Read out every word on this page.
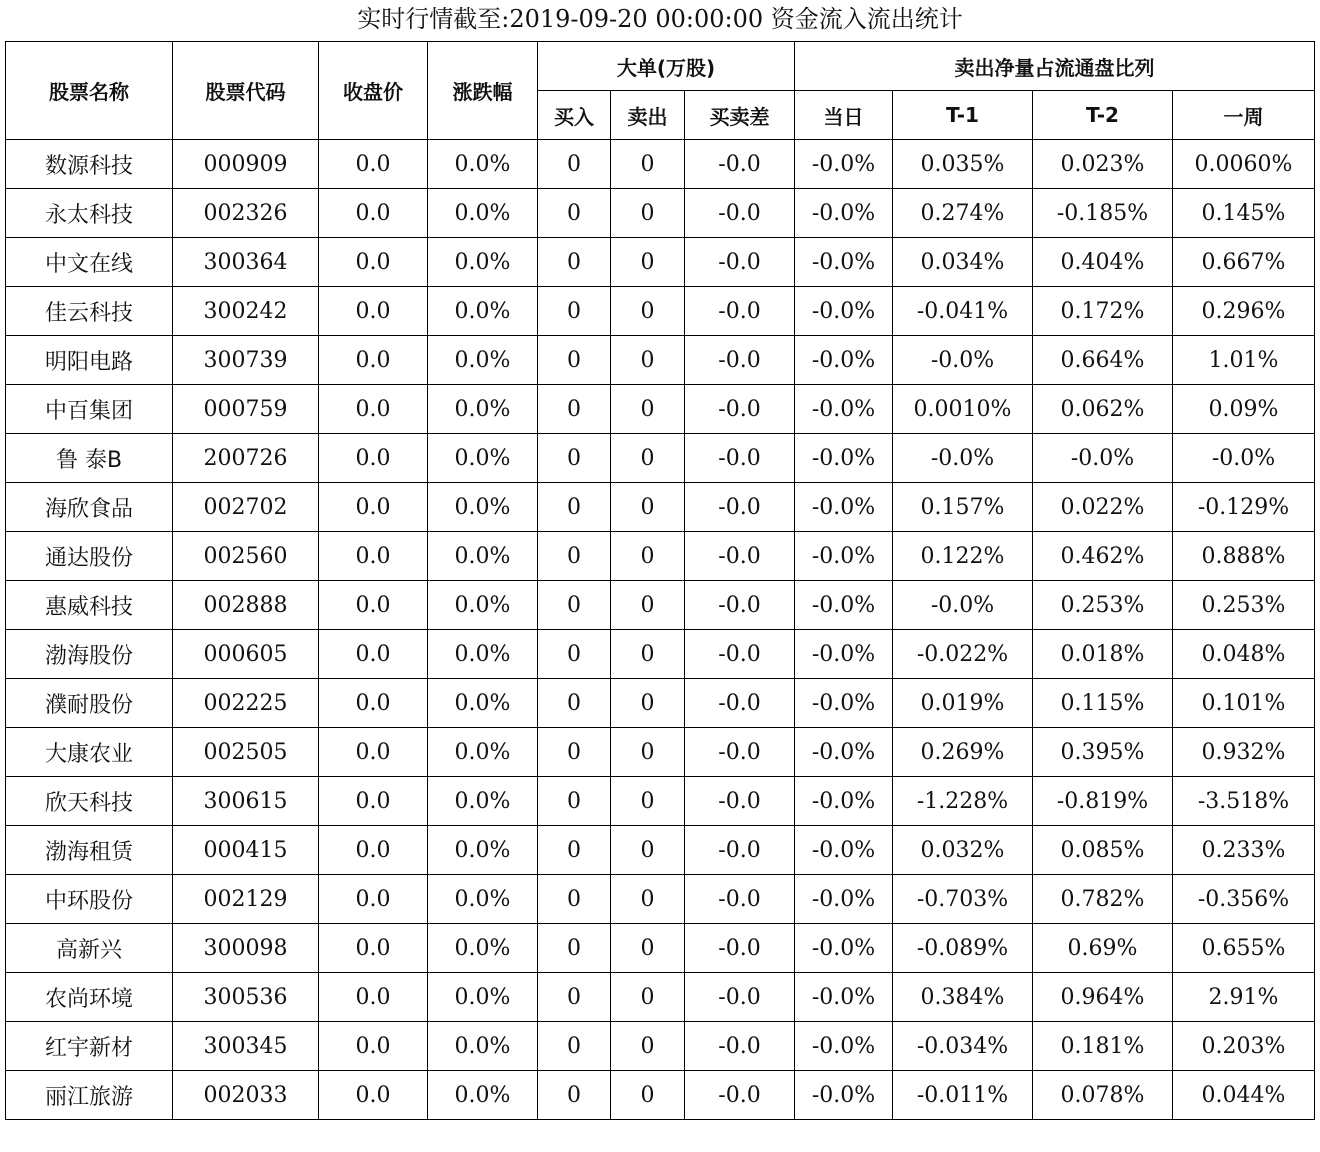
实时行情截至:2019-09-20 00:00:00 资金流入流出统计
股票名称	股票代码	收盘价	涨跌幅	大单(万股)			卖出净量占流通盘比列			
				买入	卖出	买卖差	当日	T-1	T-2	一周
数源科技	000909	0.0	0.0%	0	0	-0.0	-0.0%	0.035%	0.023%	0.0060%
永太科技	002326	0.0	0.0%	0	0	-0.0	-0.0%	0.274%	-0.185%	0.145%
中文在线	300364	0.0	0.0%	0	0	-0.0	-0.0%	0.034%	0.404%	0.667%
佳云科技	300242	0.0	0.0%	0	0	-0.0	-0.0%	-0.041%	0.172%	0.296%
明阳电路	300739	0.0	0.0%	0	0	-0.0	-0.0%	-0.0%	0.664%	1.01%
中百集团	000759	0.0	0.0%	0	0	-0.0	-0.0%	0.0010%	0.062%	0.09%
鲁 泰B	200726	0.0	0.0%	0	0	-0.0	-0.0%	-0.0%	-0.0%	-0.0%
海欣食品	002702	0.0	0.0%	0	0	-0.0	-0.0%	0.157%	0.022%	-0.129%
通达股份	002560	0.0	0.0%	0	0	-0.0	-0.0%	0.122%	0.462%	0.888%
惠威科技	002888	0.0	0.0%	0	0	-0.0	-0.0%	-0.0%	0.253%	0.253%
渤海股份	000605	0.0	0.0%	0	0	-0.0	-0.0%	-0.022%	0.018%	0.048%
濮耐股份	002225	0.0	0.0%	0	0	-0.0	-0.0%	0.019%	0.115%	0.101%
大康农业	002505	0.0	0.0%	0	0	-0.0	-0.0%	0.269%	0.395%	0.932%
欣天科技	300615	0.0	0.0%	0	0	-0.0	-0.0%	-1.228%	-0.819%	-3.518%
渤海租赁	000415	0.0	0.0%	0	0	-0.0	-0.0%	0.032%	0.085%	0.233%
中环股份	002129	0.0	0.0%	0	0	-0.0	-0.0%	-0.703%	0.782%	-0.356%
高新兴	300098	0.0	0.0%	0	0	-0.0	-0.0%	-0.089%	0.69%	0.655%
农尚环境	300536	0.0	0.0%	0	0	-0.0	-0.0%	0.384%	0.964%	2.91%
红宇新材	300345	0.0	0.0%	0	0	-0.0	-0.0%	-0.034%	0.181%	0.203%
丽江旅游	002033	0.0	0.0%	0	0	-0.0	-0.0%	-0.011%	0.078%	0.044%
